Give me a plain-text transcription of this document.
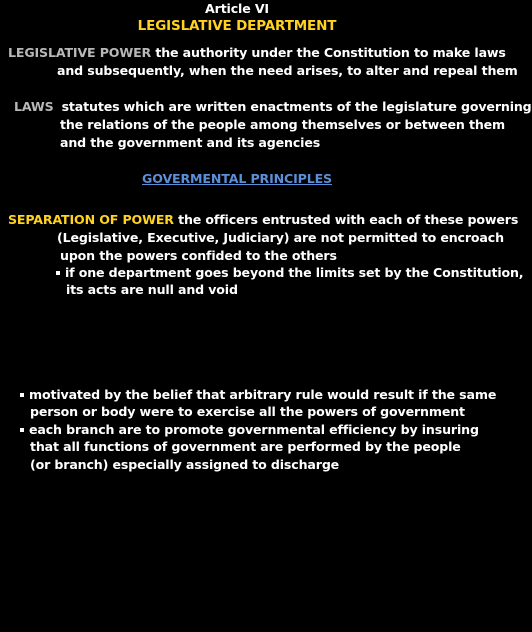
Article VI
LEGISLATIVE DEPARTMENT
LEGISLATIVE POWER the authority under the Constitution to make laws
and subsequently, when the need arises, to alter and repeal them
LAWS statutes which are written enactments of the legislature governing
the relations of the people among themselves or between them
and the government and its agencies
GOVERMENTAL PRINCIPLES
SEPARATION OF POWER the officers entrusted with each of these powers
(Legislative, Executive, Judiciary) are not permitted to encroach
upon the powers confided to the others
if one department goes beyond the limits set by the Constitution,
its acts are null and void
motivated by the belief that arbitrary rule would result if the same
person or body were to exercise all the powers of government
each branch are to promote governmental efficiency by insuring
that all functions of government are performed by the people
(or branch) especially assigned to discharge
